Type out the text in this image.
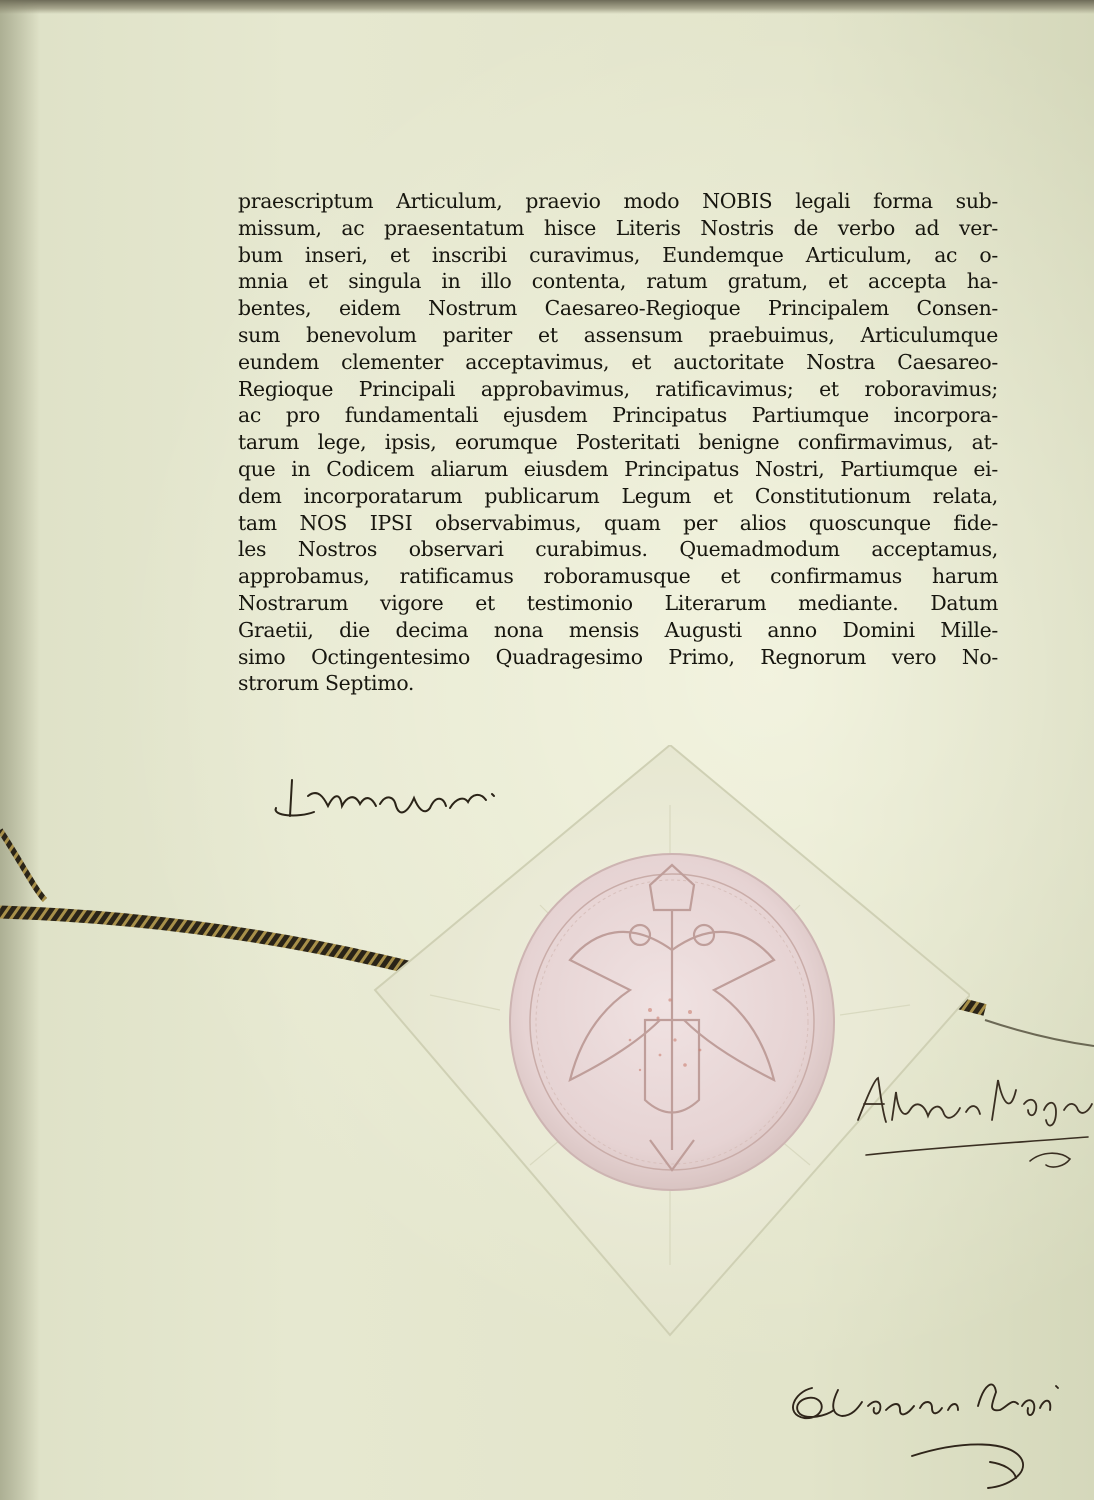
praescriptum Articulum, praevio modo NOBIS legali forma sub-
missum, ac praesentatum hisce Literis Nostris de verbo ad ver-
bum inseri, et inscribi curavimus, Eundemque Articulum, ac o-
mnia et singula in illo contenta, ratum gratum, et accepta ha-
bentes, eidem Nostrum Caesareo-Regioque Principalem Consen-
sum benevolum pariter et assensum praebuimus, Articulumque
eundem clementer acceptavimus, et auctoritate Nostra Caesareo-
Regioque Principali approbavimus, ratificavimus; et roboravimus;
ac pro fundamentali ejusdem Principatus Partiumque incorpora-
tarum lege, ipsis, eorumque Posteritati benigne confirmavimus, at-
que in Codicem aliarum eiusdem Principatus Nostri, Partiumque ei-
dem incorporatarum publicarum Legum et Constitutionum relata,
tam NOS IPSI observabimus, quam per alios quoscunque fide-
les Nostros observari curabimus. Quemadmodum acceptamus,
approbamus, ratificamus roboramusque et confirmamus harum
Nostrarum vigore et testimonio Literarum mediante. Datum
Graetii, die decima nona mensis Augusti anno Domini Mille-
simo Octingentesimo Quadragesimo Primo, Regnorum vero No-
strorum Septimo.
